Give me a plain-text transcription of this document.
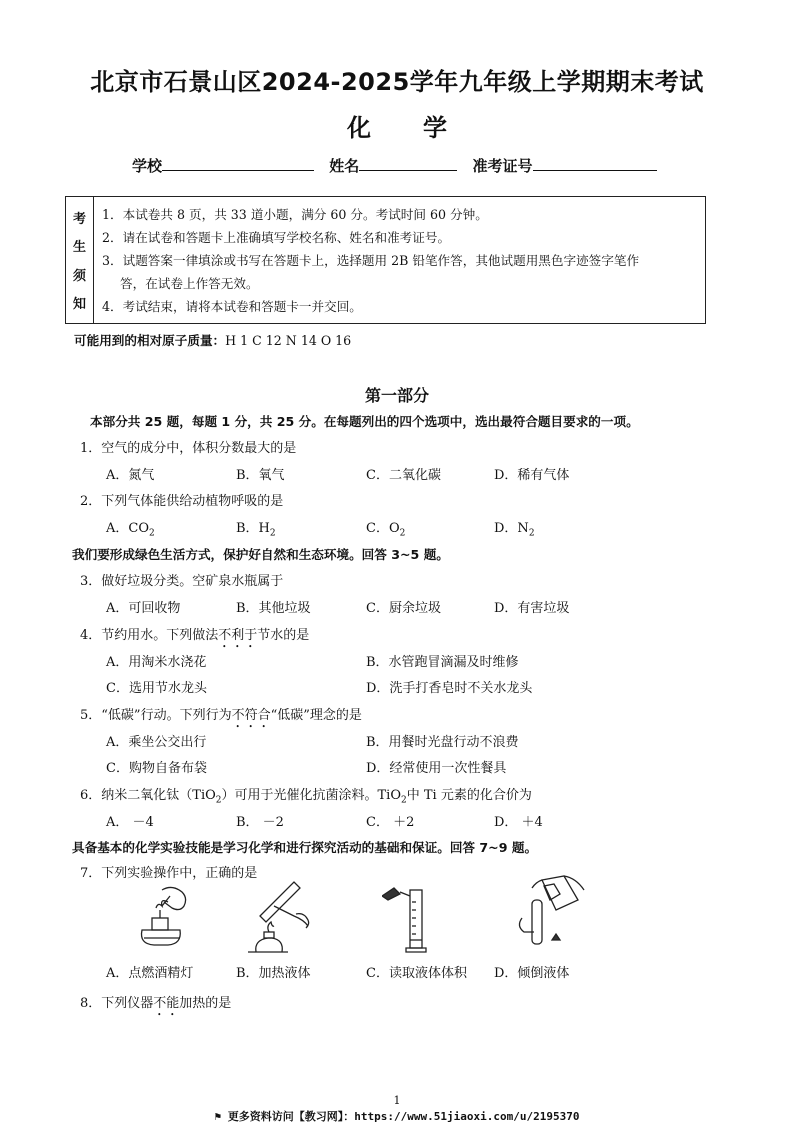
北京市石景山区2024-2025学年九年级上学期期末考试
化 学
学校	姓名	准考证号
考
生
须
知
1．本试卷共 8 页，共 33 道小题，满分 60 分。考试时间 60 分钟。
2．请在试卷和答题卡上准确填写学校名称、姓名和准考证号。
3．试题答案一律填涂或书写在答题卡上，选择题用 2B 铅笔作答，其他试题用黑色字迹签字笔作
答，在试卷上作答无效。
4．考试结束，请将本试卷和答题卡一并交回。
可能用到的相对原子质量：H 1 C 12 N 14 O 16
第一部分
本部分共 25 题，每题 1 分，共 25 分。在每题列出的四个选项中，选出最符合题目要求的一项。
1．空气的成分中，体积分数最大的是
A．氮气	B．氧气	C．二氧化碳	D．稀有气体
2．下列气体能供给动植物呼吸的是
A．$CO_2$	B．$H_2$	C．$O_2$	D．$N_2$
我们要形成绿色生活方式，保护好自然和生态环境。回答 3~5 题。
3．做好垃圾分类。空矿泉水瓶属于
A．可回收物	B．其他垃圾	C．厨余垃圾	D．有害垃圾
4．节约用水。下列做法不利于节水的是
A．用淘米水浇花	B．水管跑冒滴漏及时维修
C．选用节水龙头	D．洗手打香皂时不关水龙头
5．“低碳”行动。下列行为不符合“低碳”理念的是
A．乘坐公交出行	B．用餐时光盘行动不浪费
C．购物自备布袋	D．经常使用一次性餐具
6．纳米二氧化钛（TiO$_2$）可用于光催化抗菌涂料。TiO$_2$中 Ti 元素的化合价为
A． －4	B． －2	C． ＋2	D． ＋4
具备基本的化学实验技能是学习化学和进行探究活动的基础和保证。回答 7~9 题。
7．下列实验操作中，正确的是
A．点燃酒精灯	B．加热液体	C．读取液体体积 D．倾倒液体
8．下列仪器不能加热的是
1
⚑ 更多资料访问【教习网】：https://www.51jiaoxi.com/u/2195370
